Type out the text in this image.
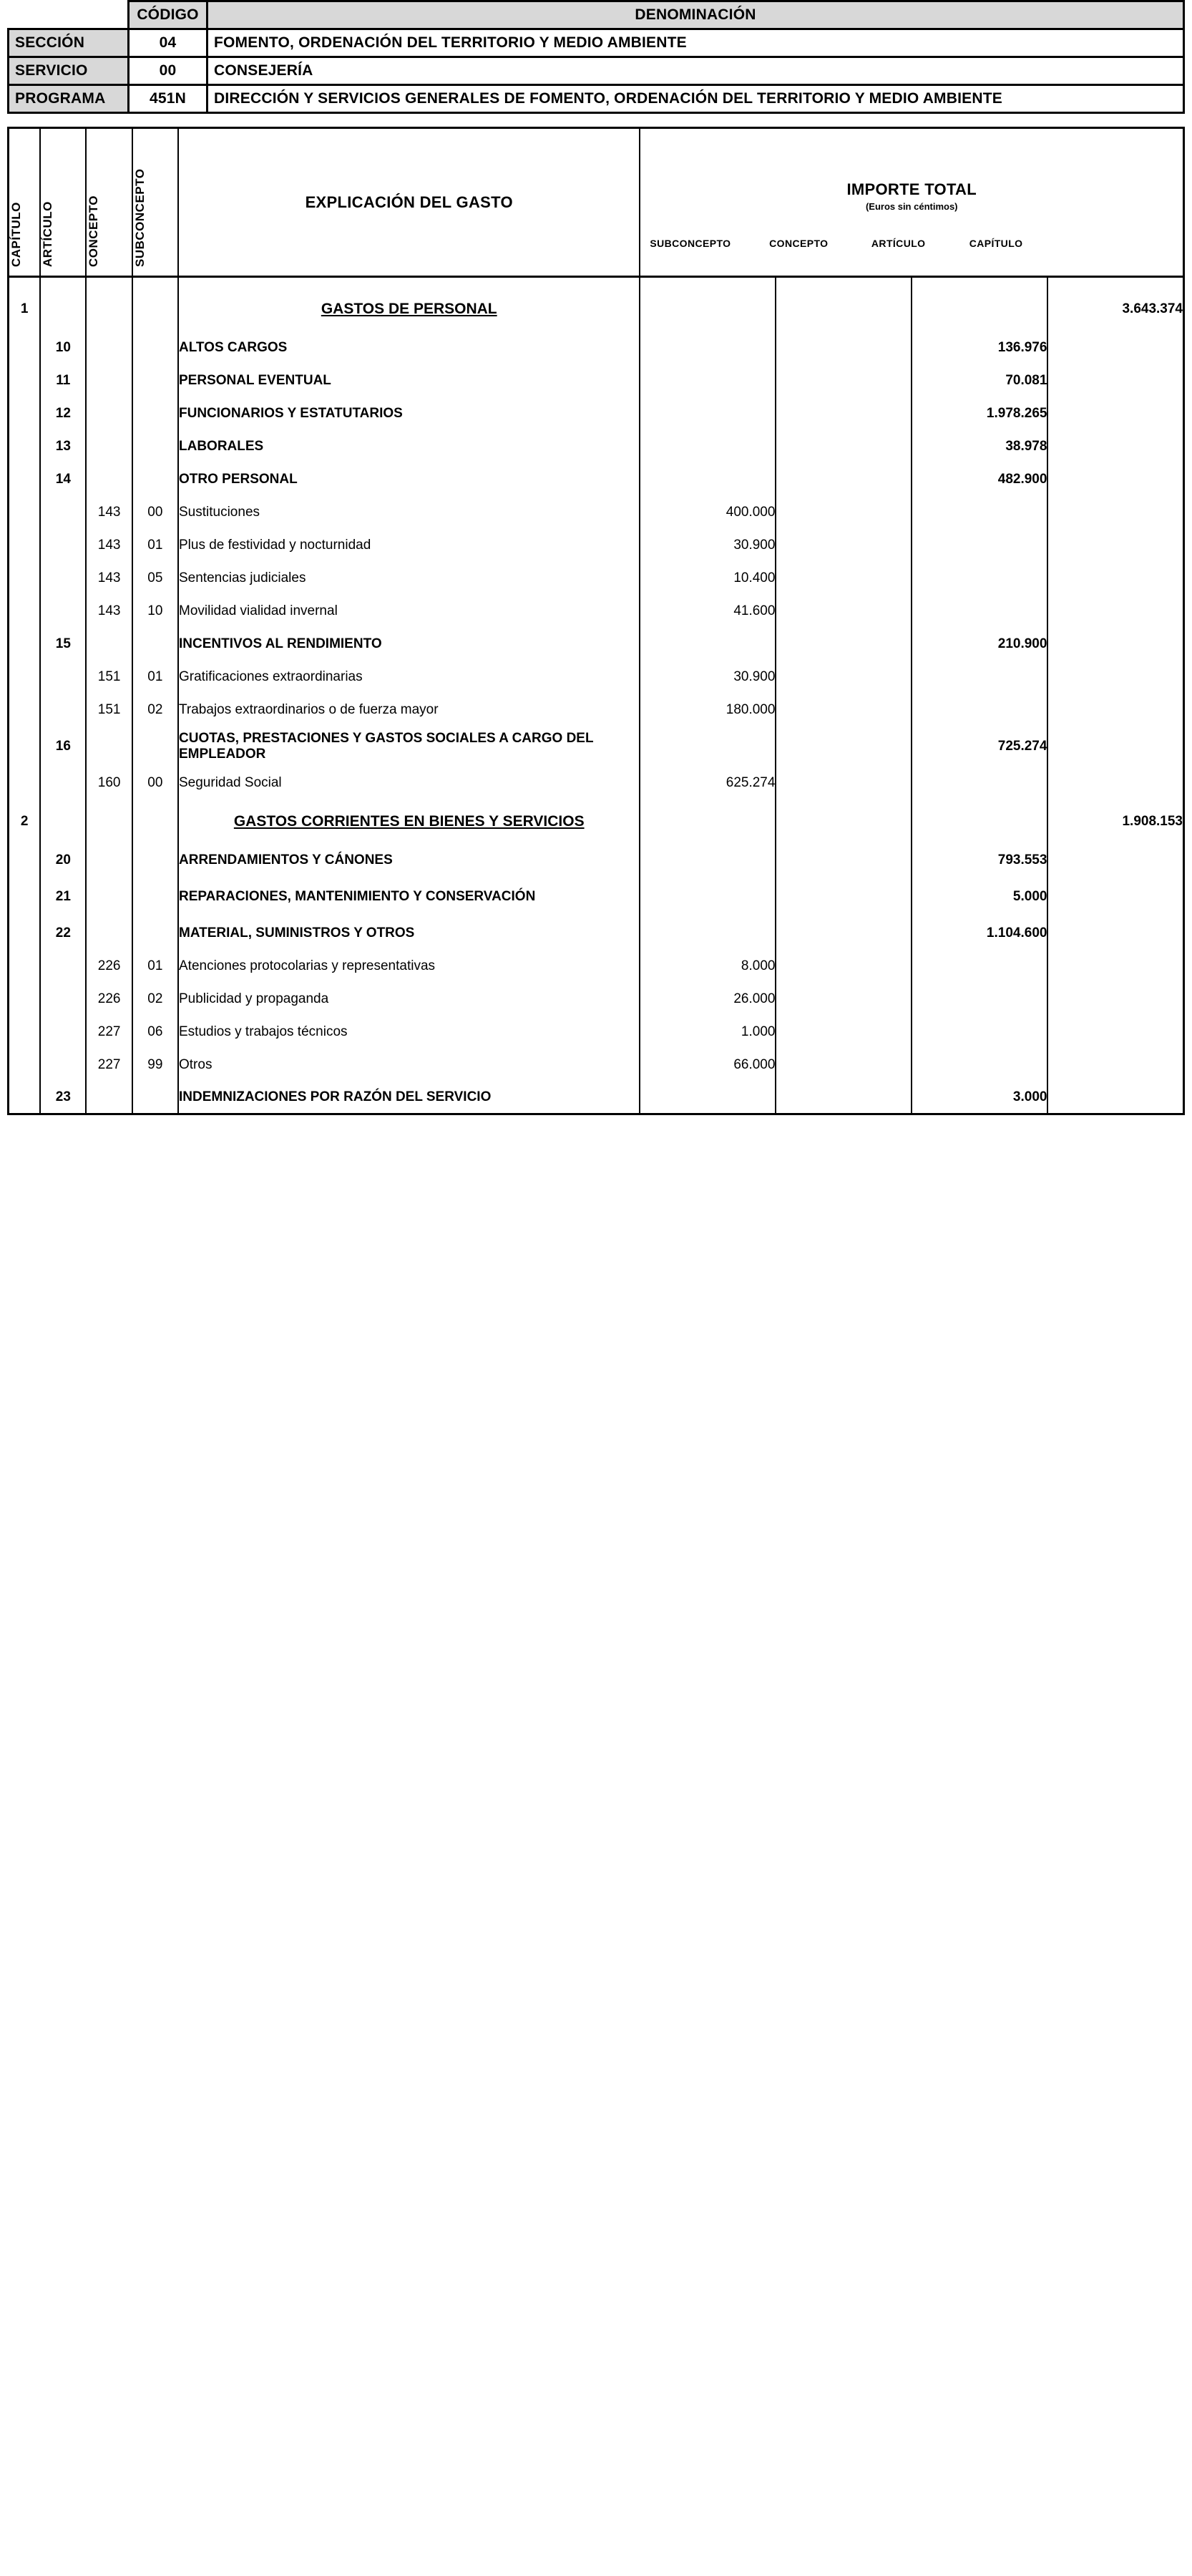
	CÓDIGO	DENOMINACIÓN
SECCIÓN	04	FOMENTO, ORDENACIÓN DEL TERRITORIO Y MEDIO AMBIENTE
SERVICIO	00	CONSEJERÍA
PROGRAMA	451N	DIRECCIÓN Y SERVICIOS GENERALES DE FOMENTO, ORDENACIÓN DEL TERRITORIO Y MEDIO AMBIENTE
CAPÍTULO	ARTÍCULO	CONCEPTO	SUBCONCEPTO	EXPLICACIÓN DEL GASTO	
IMPORTE TOTAL
(Euros sin céntimos)
SUBCONCEPTO	CONCEPTO	ARTÍCULO	CAPÍTULO

1				GASTOS DE PERSONAL				3.643.374
	10			ALTOS CARGOS			136.976	
	11			PERSONAL EVENTUAL			70.081	
	12			FUNCIONARIOS Y ESTATUTARIOS			1.978.265	
	13			LABORALES			38.978	
	14			OTRO PERSONAL			482.900	
		143	00	Sustituciones	400.000			
		143	01	Plus de festividad y nocturnidad	30.900			
		143	05	Sentencias judiciales	10.400			
		143	10	Movilidad vialidad invernal	41.600			
	15			INCENTIVOS AL RENDIMIENTO			210.900	
		151	01	Gratificaciones extraordinarias	30.900			
		151	02	Trabajos extraordinarios o de fuerza mayor	180.000			
	16			CUOTAS, PRESTACIONES Y GASTOS SOCIALES A CARGO DEL EMPLEADOR			725.274	
		160	00	Seguridad Social	625.274			
2				GASTOS CORRIENTES EN BIENES Y SERVICIOS				1.908.153
	20			ARRENDAMIENTOS Y CÁNONES			793.553	
	21			REPARACIONES, MANTENIMIENTO Y CONSERVACIÓN			5.000	
	22			MATERIAL, SUMINISTROS Y OTROS			1.104.600	
		226	01	Atenciones protocolarias y representativas	8.000			
		226	02	Publicidad y propaganda	26.000			
		227	06	Estudios y trabajos técnicos	1.000			
		227	99	Otros	66.000			
	23			INDEMNIZACIONES POR RAZÓN DEL SERVICIO			3.000	
